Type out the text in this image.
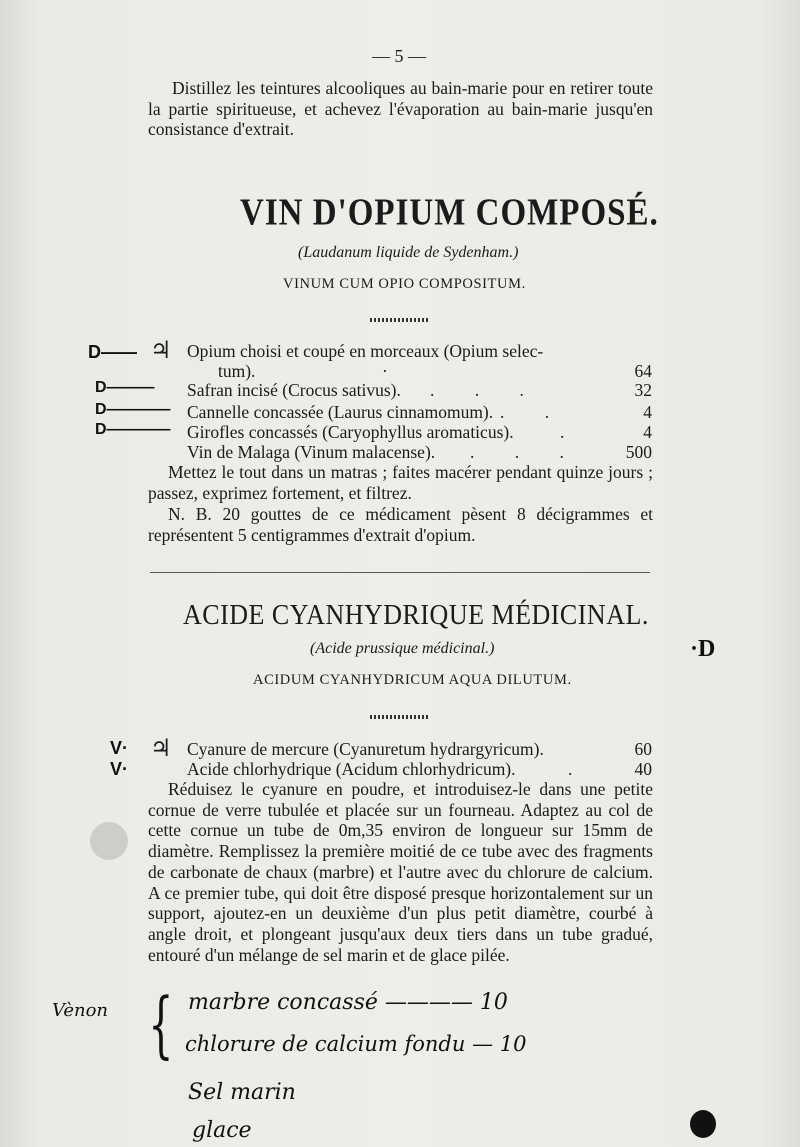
— 5 —
Distillez les teintures alcooliques au bain-marie pour en retirer toute la partie spiritueuse, et achevez l'évaporation au bain-marie jusqu'en consistance d'extrait.
VIN D'OPIUM COMPOSÉ.
(Laudanum liquide de Sydenham.)
VINUM CUM OPIO COMPOSITUM.
D—— ♃ Opium choisi et coupé en morceaux (Opium selec-
tum).	·	64
D——— Safran incisé (Crocus sativus). . . .	32
D———— Cannelle concassée (Laurus cinnamomum). . .	4
D———— Girofles concassés (Caryophyllus aromaticus).	.	4
Vin de Malaga (Vinum malacense). . . .	500
Mettez le tout dans un matras ; faites macérer pendant quinze jours ; passez, exprimez fortement, et filtrez.
N. B. 20 gouttes de ce médicament pèsent 8 décigrammes et représentent 5 centigrammes d'extrait d'opium.
ACIDE CYANHYDRIQUE MÉDICINAL.
(Acide prussique médicinal.)
ACIDUM CYANHYDRICUM AQUA DILUTUM.
·D
V· ♃ Cyanure de mercure (Cyanuretum hydrargyricum).	60
V·	Acide chlorhydrique (Acidum chlorhydricum).	.	40
Réduisez le cyanure en poudre, et introduisez-le dans une petite cornue de verre tubulée et placée sur un fourneau. Adaptez au col de cette cornue un tube de 0m,35 environ de longueur sur 15mm de diamètre. Remplissez la première moitié de ce tube avec des fragments de carbonate de chaux (marbre) et l'autre avec du chlorure de calcium. A ce premier tube, qui doit être disposé presque horizontalement sur un support, ajoutez-en un deuxième d'un plus petit diamètre, courbé à angle droit, et plongeant jusqu'aux deux tiers dans un tube gradué, entouré d'un mélange de sel marin et de glace pilée.
Vènon { marbre concassé ———— 10
chlorure de calcium fondu — 10
Sel marin
glace
